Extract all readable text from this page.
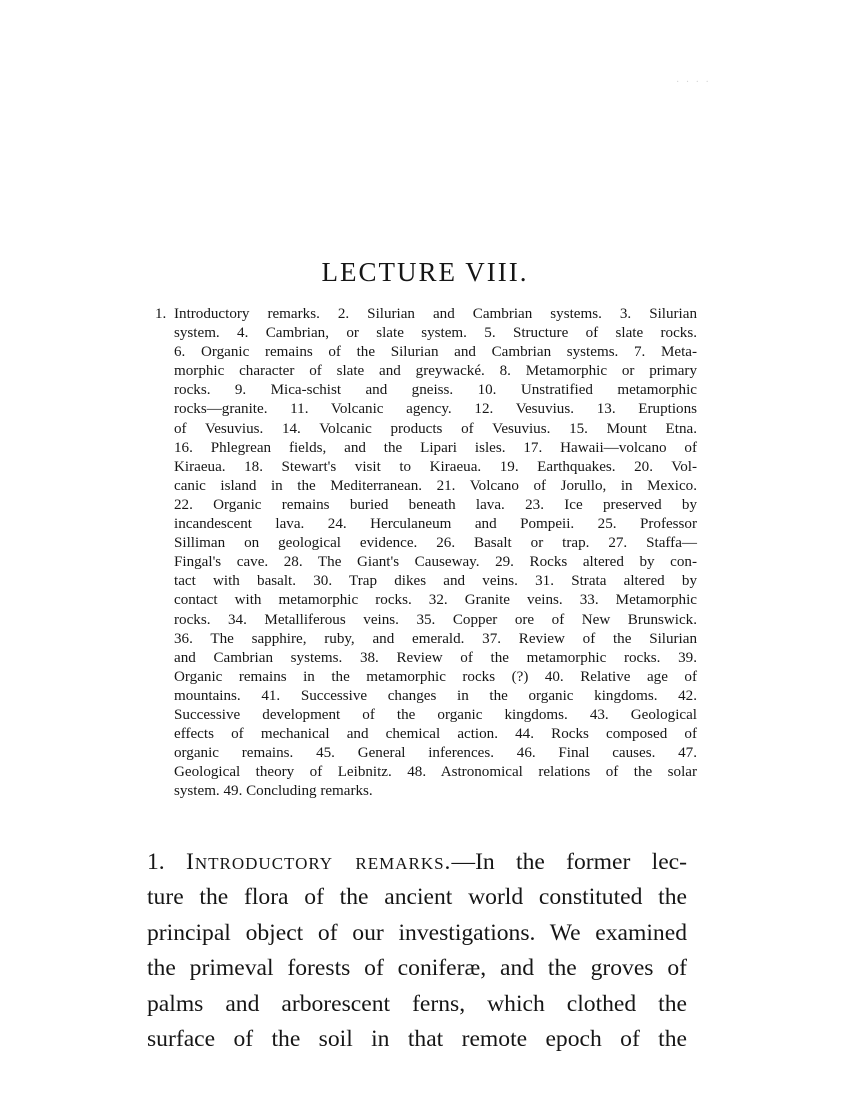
· · · ·
LECTURE VIII.
1. Introductory remarks. 2. Silurian and Cambrian systems. 3. Silurian
system. 4. Cambrian, or slate system. 5. Structure of slate rocks.
6. Organic remains of the Silurian and Cambrian systems. 7. Meta-
morphic character of slate and greywacké. 8. Metamorphic or primary
rocks. 9. Mica-schist and gneiss. 10. Unstratified metamorphic
rocks—granite. 11. Volcanic agency. 12. Vesuvius. 13. Eruptions
of Vesuvius. 14. Volcanic products of Vesuvius. 15. Mount Etna.
16. Phlegrean fields, and the Lipari isles. 17. Hawaii—volcano of
Kiraeua. 18. Stewart's visit to Kiraeua. 19. Earthquakes. 20. Vol-
canic island in the Mediterranean. 21. Volcano of Jorullo, in Mexico.
22. Organic remains buried beneath lava. 23. Ice preserved by
incandescent lava. 24. Herculaneum and Pompeii. 25. Professor
Silliman on geological evidence. 26. Basalt or trap. 27. Staffa—
Fingal's cave. 28. The Giant's Causeway. 29. Rocks altered by con-
tact with basalt. 30. Trap dikes and veins. 31. Strata altered by
contact with metamorphic rocks. 32. Granite veins. 33. Metamorphic
rocks. 34. Metalliferous veins. 35. Copper ore of New Brunswick.
36. The sapphire, ruby, and emerald. 37. Review of the Silurian
and Cambrian systems. 38. Review of the metamorphic rocks. 39.
Organic remains in the metamorphic rocks (?) 40. Relative age of
mountains. 41. Successive changes in the organic kingdoms. 42.
Successive development of the organic kingdoms. 43. Geological
effects of mechanical and chemical action. 44. Rocks composed of
organic remains. 45. General inferences. 46. Final causes. 47.
Geological theory of Leibnitz. 48. Astronomical relations of the solar
system. 49. Concluding remarks.
1. Introductory remarks.—In the former lec-
ture the flora of the ancient world constituted the
principal object of our investigations. We examined
the primeval forests of coniferæ, and the groves of
palms and arborescent ferns, which clothed the
surface of the soil in that remote epoch of the
